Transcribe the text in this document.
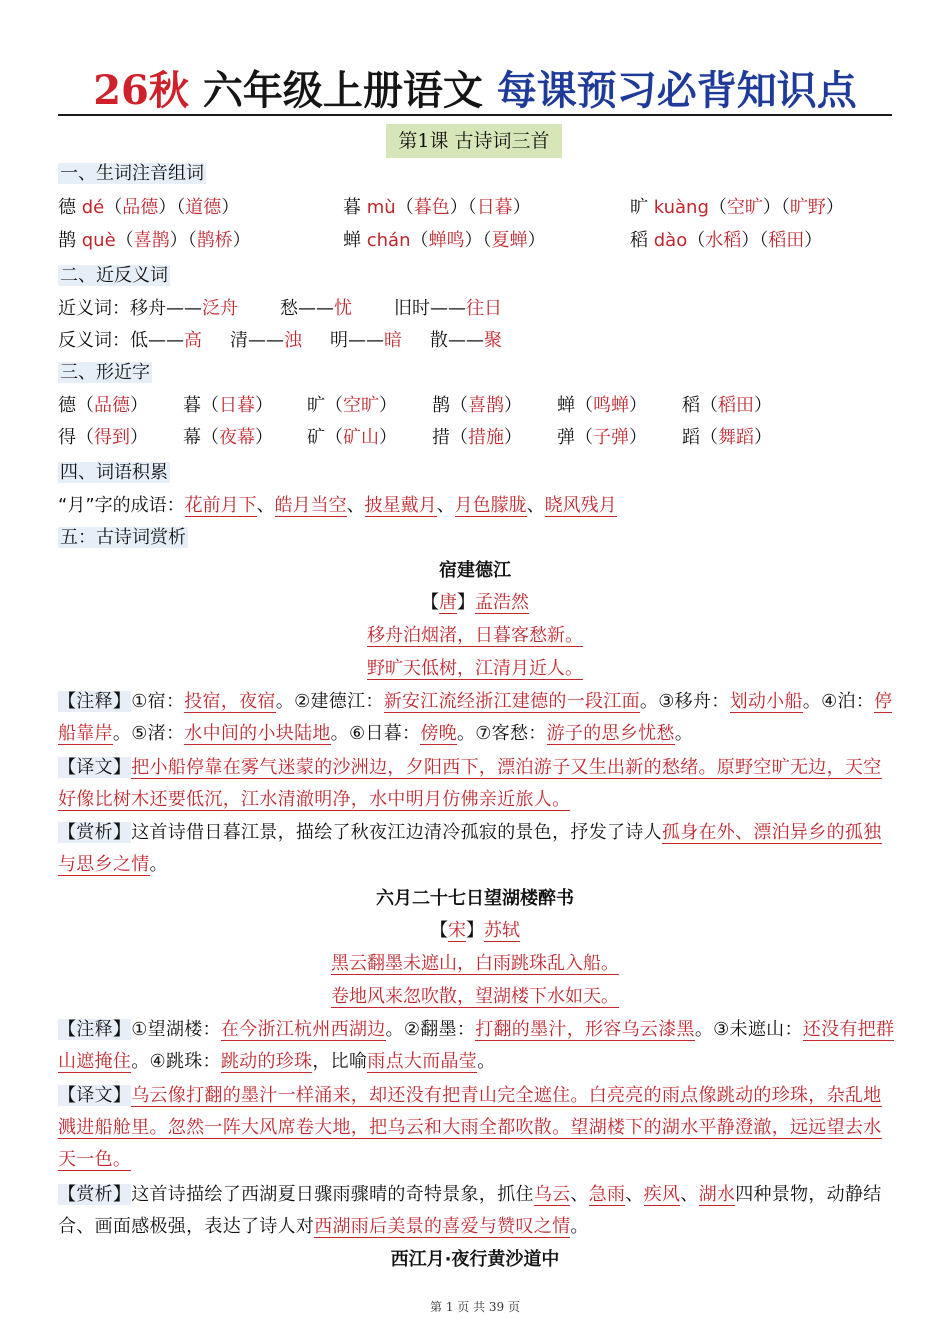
26秋 六年级上册语文 每课预习必背知识点
第1课 古诗词三首
一、生词注音组词
德 dé（品德）（道德）	暮 mù（暮色）（日暮）	旷 kuàng（空旷）（旷野）
鹊 què（喜鹊）（鹊桥）	蝉 chán（蝉鸣）（夏蝉）	稻 dào（水稻）（稻田）
二、近反义词
近义词：移舟——泛舟 愁——忧 旧时——往日
反义词：低——高 清——浊 明——暗 散——聚
三、形近字
德（品德） 暮（日暮） 旷（空旷） 鹊（喜鹊） 蝉（鸣蝉） 稻（稻田）
得（得到） 幕（夜幕） 矿（矿山） 措（措施） 弹（子弹） 蹈（舞蹈）
四、词语积累
“月”字的成语：花前月下、皓月当空、披星戴月、月色朦胧、晓风残月
五：古诗词赏析
宿建德江
【唐】孟浩然
移舟泊烟渚，日暮客愁新。
野旷天低树，江清月近人。
【注释】①宿：投宿，夜宿。②建德江：新安江流经浙江建德的一段江面。③移舟：划动小船。④泊：停船靠岸。⑤渚：水中间的小块陆地。⑥日暮：傍晚。⑦客愁：游子的思乡忧愁。
【译文】把小船停靠在雾气迷蒙的沙洲边，夕阳西下，漂泊游子又生出新的愁绪。原野空旷无边，天空好像比树木还要低沉，江水清澈明净，水中明月仿佛亲近旅人。
【赏析】这首诗借日暮江景，描绘了秋夜江边清冷孤寂的景色，抒发了诗人孤身在外、漂泊异乡的孤独与思乡之情。
六月二十七日望湖楼醉书
【宋】苏轼
黑云翻墨未遮山，白雨跳珠乱入船。
卷地风来忽吹散，望湖楼下水如天。
【注释】①望湖楼：在今浙江杭州西湖边。②翻墨：打翻的墨汁，形容乌云漆黑。③未遮山：还没有把群山遮掩住。④跳珠：跳动的珍珠，比喻雨点大而晶莹。
【译文】乌云像打翻的墨汁一样涌来，却还没有把青山完全遮住。白亮亮的雨点像跳动的珍珠，杂乱地溅进船舱里。忽然一阵大风席卷大地，把乌云和大雨全都吹散。望湖楼下的湖水平静澄澈，远远望去水天一色。
【赏析】这首诗描绘了西湖夏日骤雨骤晴的奇特景象，抓住乌云、急雨、疾风、湖水四种景物，动静结合、画面感极强，表达了诗人对西湖雨后美景的喜爱与赞叹之情。
西江月·夜行黄沙道中
第 1 页 共 39 页
